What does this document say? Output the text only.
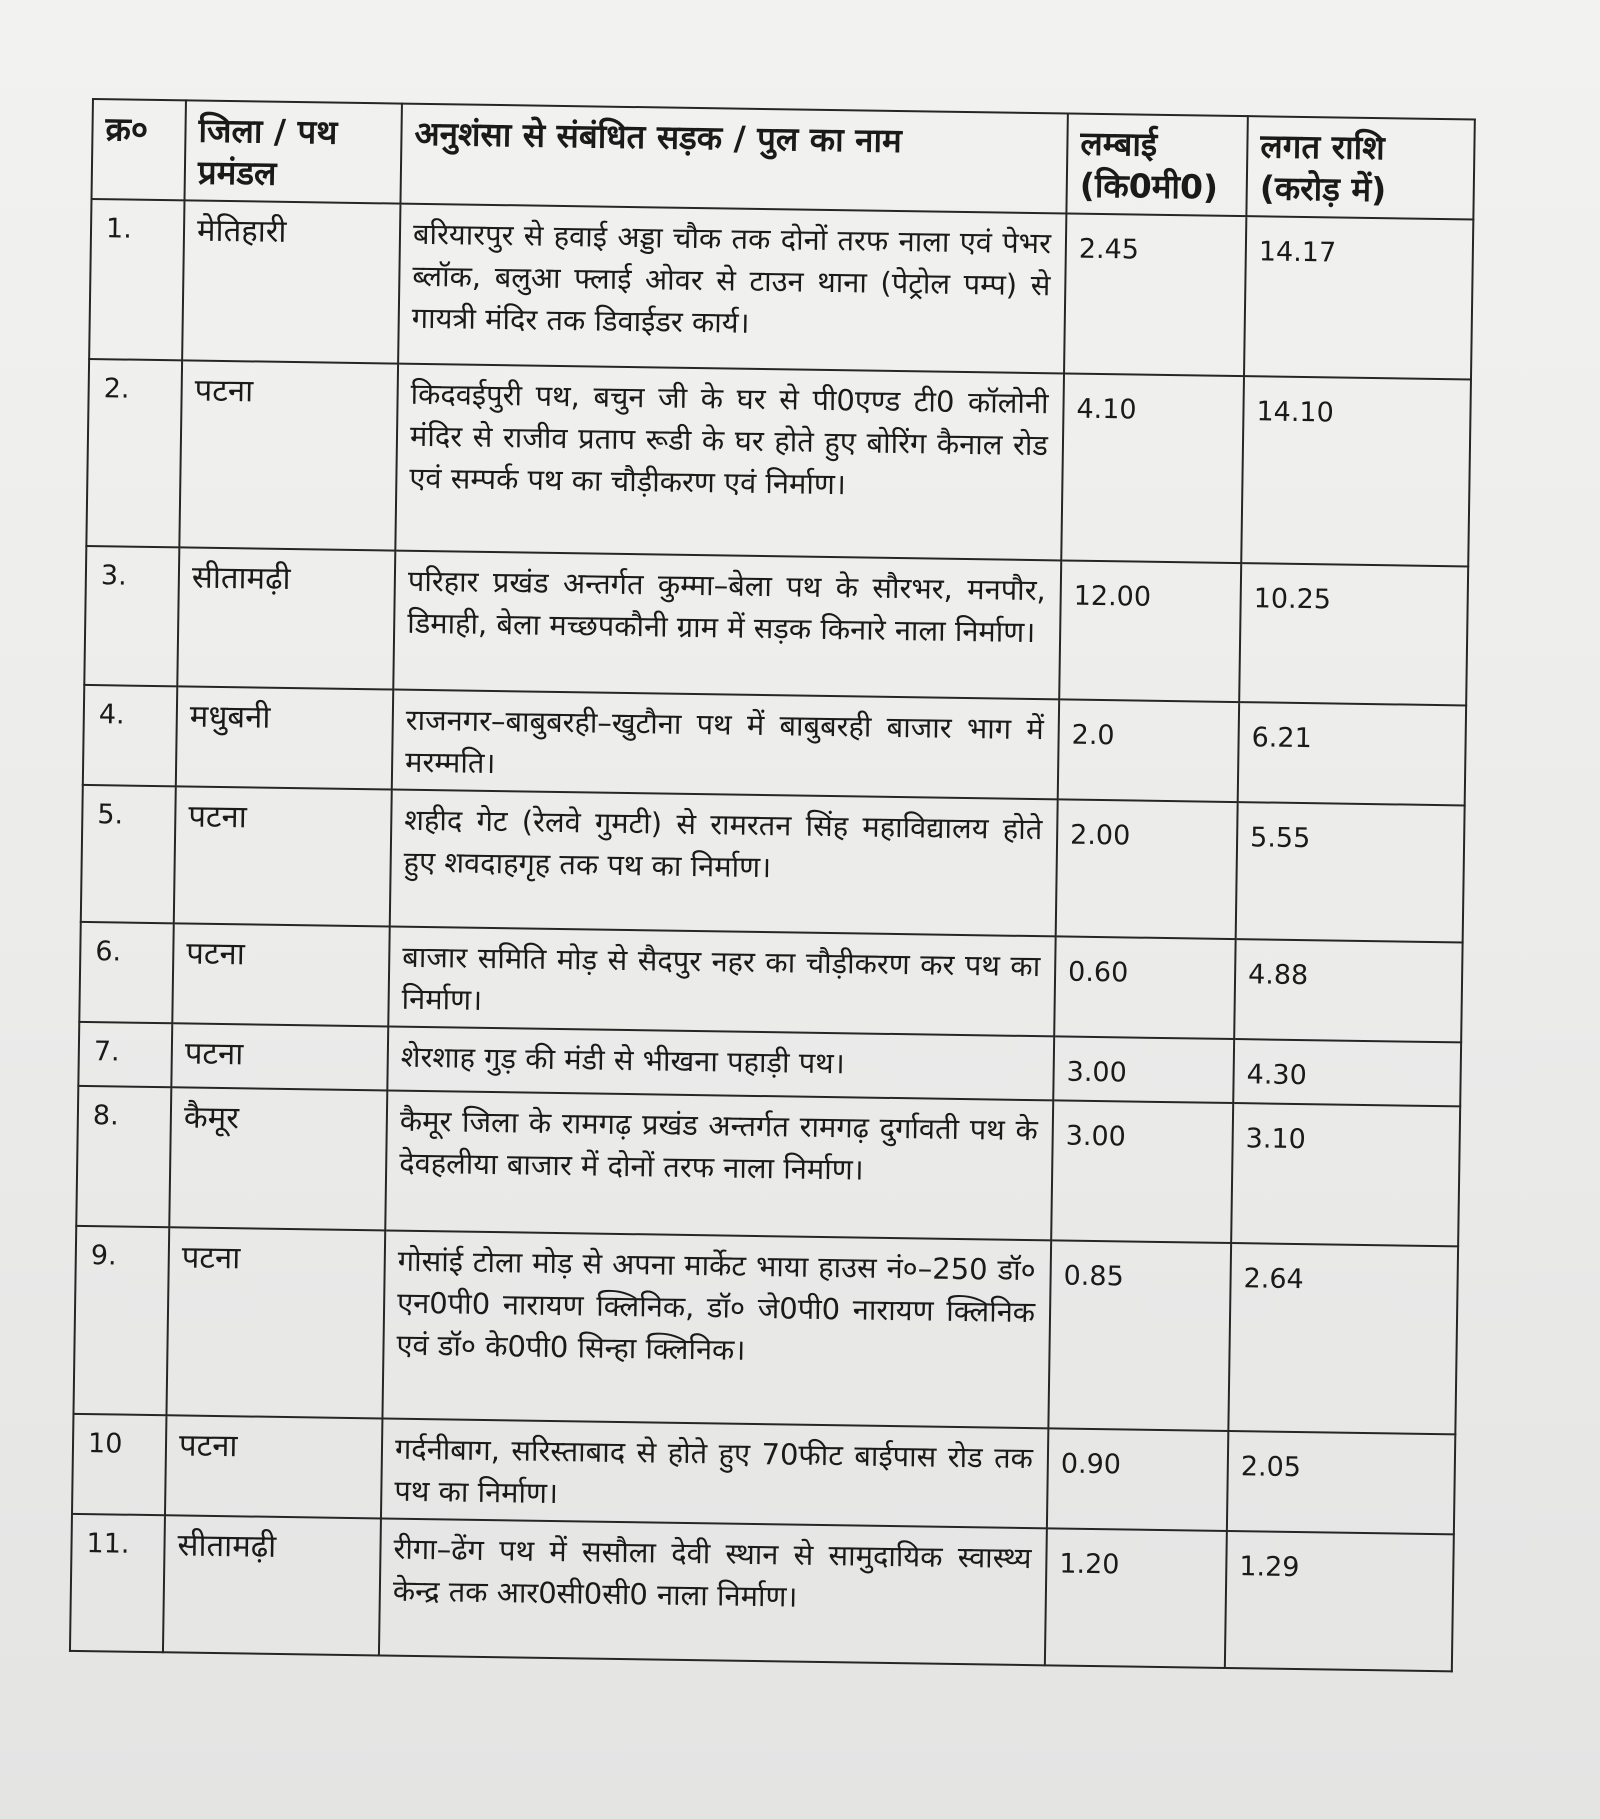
क्र०	जिला / पथ प्रमंडल	अनुशंसा से संबंधित सड़क / पुल का नाम	लम्बाई (कि0मी0)	लगत राशि (करोड़ में)
1.	मेतिहारी	बरियारपुर से हवाई अड्डा चौक तक दोनों तरफ नाला एवं पेभर ब्लॉक, बलुआ फ्लाई ओवर से टाउन थाना (पेट्रोल पम्प) से गायत्री मंदिर तक डिवाईडर कार्य।	2.45	14.17
2.	पटना	किदवईपुरी पथ, बचुन जी के घर से पी0एण्ड टी0 कॉलोनी मंदिर से राजीव प्रताप रूडी के घर होते हुए बोरिंग कैनाल रोड एवं सम्पर्क पथ का चौड़ीकरण एवं निर्माण।	4.10	14.10
3.	सीतामढ़ी	परिहार प्रखंड अन्तर्गत कुम्मा–बेला पथ के सौरभर, मनपौर, डिमाही, बेला मच्छपकौनी ग्राम में सड़क किनारे नाला निर्माण।	12.00	10.25
4.	मधुबनी	राजनगर–बाबुबरही–खुटौना पथ में बाबुबरही बाजार भाग में मरम्मति।	2.0	6.21
5.	पटना	शहीद गेट (रेलवे गुमटी) से रामरतन सिंह महाविद्यालय होते हुए शवदाहगृह तक पथ का निर्माण।	2.00	5.55
6.	पटना	बाजार समिति मोड़ से सैदपुर नहर का चौड़ीकरण कर पथ का निर्माण।	0.60	4.88
7.	पटना	शेरशाह गुड़ की मंडी से भीखना पहाड़ी पथ।	3.00	4.30
8.	कैमूर	कैमूर जिला के रामगढ़ प्रखंड अन्तर्गत रामगढ़ दुर्गावती पथ के देवहलीया बाजार में दोनों तरफ नाला निर्माण।	3.00	3.10
9.	पटना	गोसांई टोला मोड़ से अपना मार्केट भाया हाउस नं०–250 डॉ० एन0पी0 नारायण क्लिनिक, डॉ० जे0पी0 नारायण क्लिनिक एवं डॉ० के0पी0 सिन्हा क्लिनिक।	0.85	2.64
10	पटना	गर्दनीबाग, सरिस्ताबाद से होते हुए 70फीट बाईपास रोड तक पथ का निर्माण।	0.90	2.05
11.	सीतामढ़ी	रीगा–ढेंग पथ में ससौला देवी स्थान से सामुदायिक स्वास्थ्य केन्द्र तक आर0सी0सी0 नाला निर्माण।	1.20	1.29
